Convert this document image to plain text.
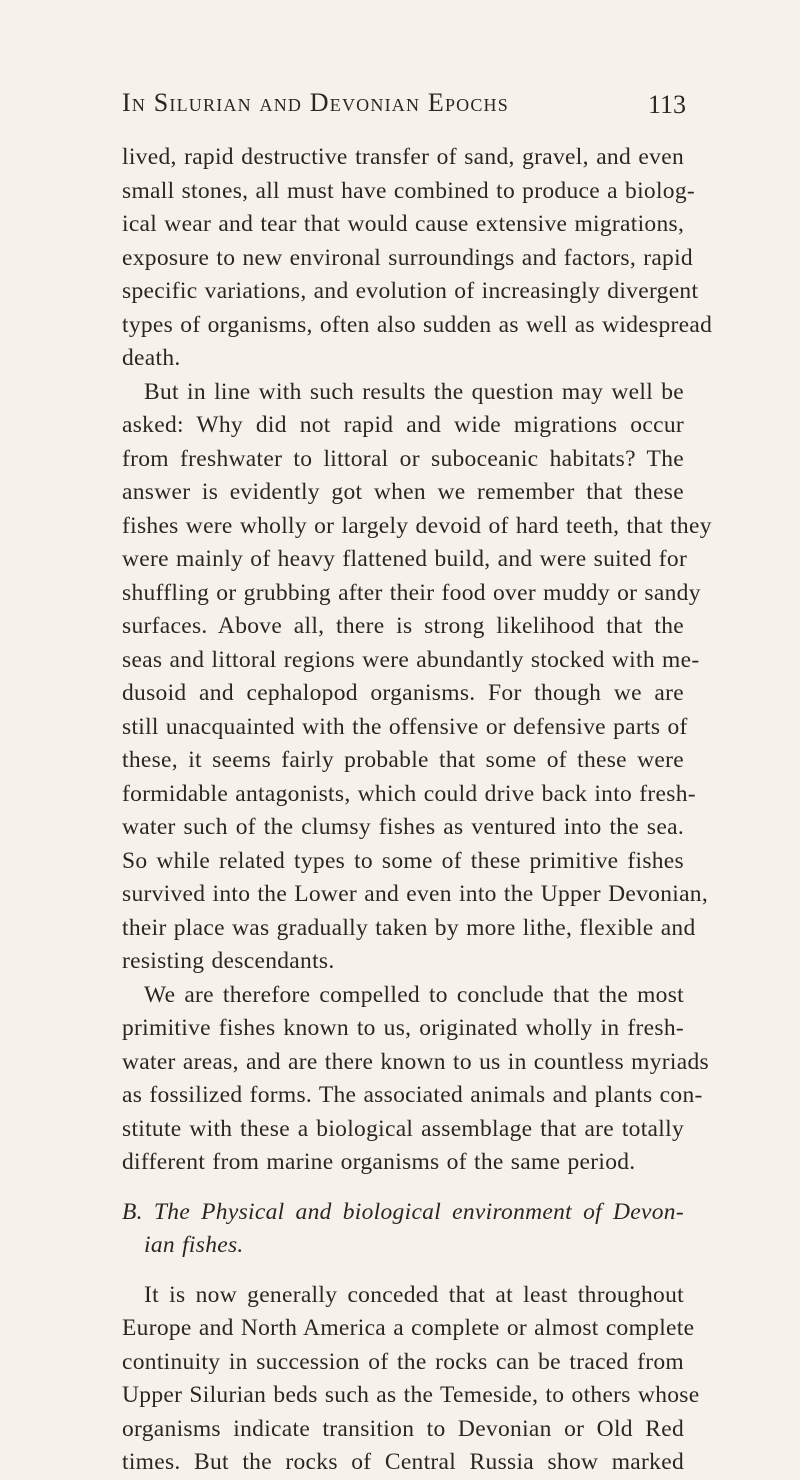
In Silurian and Devonian Epochs	113
lived, rapid destructive transfer of sand, gravel, and even
small stones, all must have combined to produce a biolog-
ical wear and tear that would cause extensive migrations,
exposure to new environal surroundings and factors, rapid
specific variations, and evolution of increasingly divergent
types of organisms, often also sudden as well as widespread
death.
But in line with such results the question may well be
asked: Why did not rapid and wide migrations occur
from freshwater to littoral or suboceanic habitats? The
answer is evidently got when we remember that these
fishes were wholly or largely devoid of hard teeth, that they
were mainly of heavy flattened build, and were suited for
shuffling or grubbing after their food over muddy or sandy
surfaces. Above all, there is strong likelihood that the
seas and littoral regions were abundantly stocked with me-
dusoid and cephalopod organisms. For though we are
still unacquainted with the offensive or defensive parts of
these, it seems fairly probable that some of these were
formidable antagonists, which could drive back into fresh-
water such of the clumsy fishes as ventured into the sea.
So while related types to some of these primitive fishes
survived into the Lower and even into the Upper Devonian,
their place was gradually taken by more lithe, flexible and
resisting descendants.
We are therefore compelled to conclude that the most
primitive fishes known to us, originated wholly in fresh-
water areas, and are there known to us in countless myriads
as fossilized forms. The associated animals and plants con-
stitute with these a biological assemblage that are totally
different from marine organisms of the same period.
B. The Physical and biological environment of Devon-
ian fishes.
It is now generally conceded that at least throughout
Europe and North America a complete or almost complete
continuity in succession of the rocks can be traced from
Upper Silurian beds such as the Temeside, to others whose
organisms indicate transition to Devonian or Old Red
times. But the rocks of Central Russia show marked
